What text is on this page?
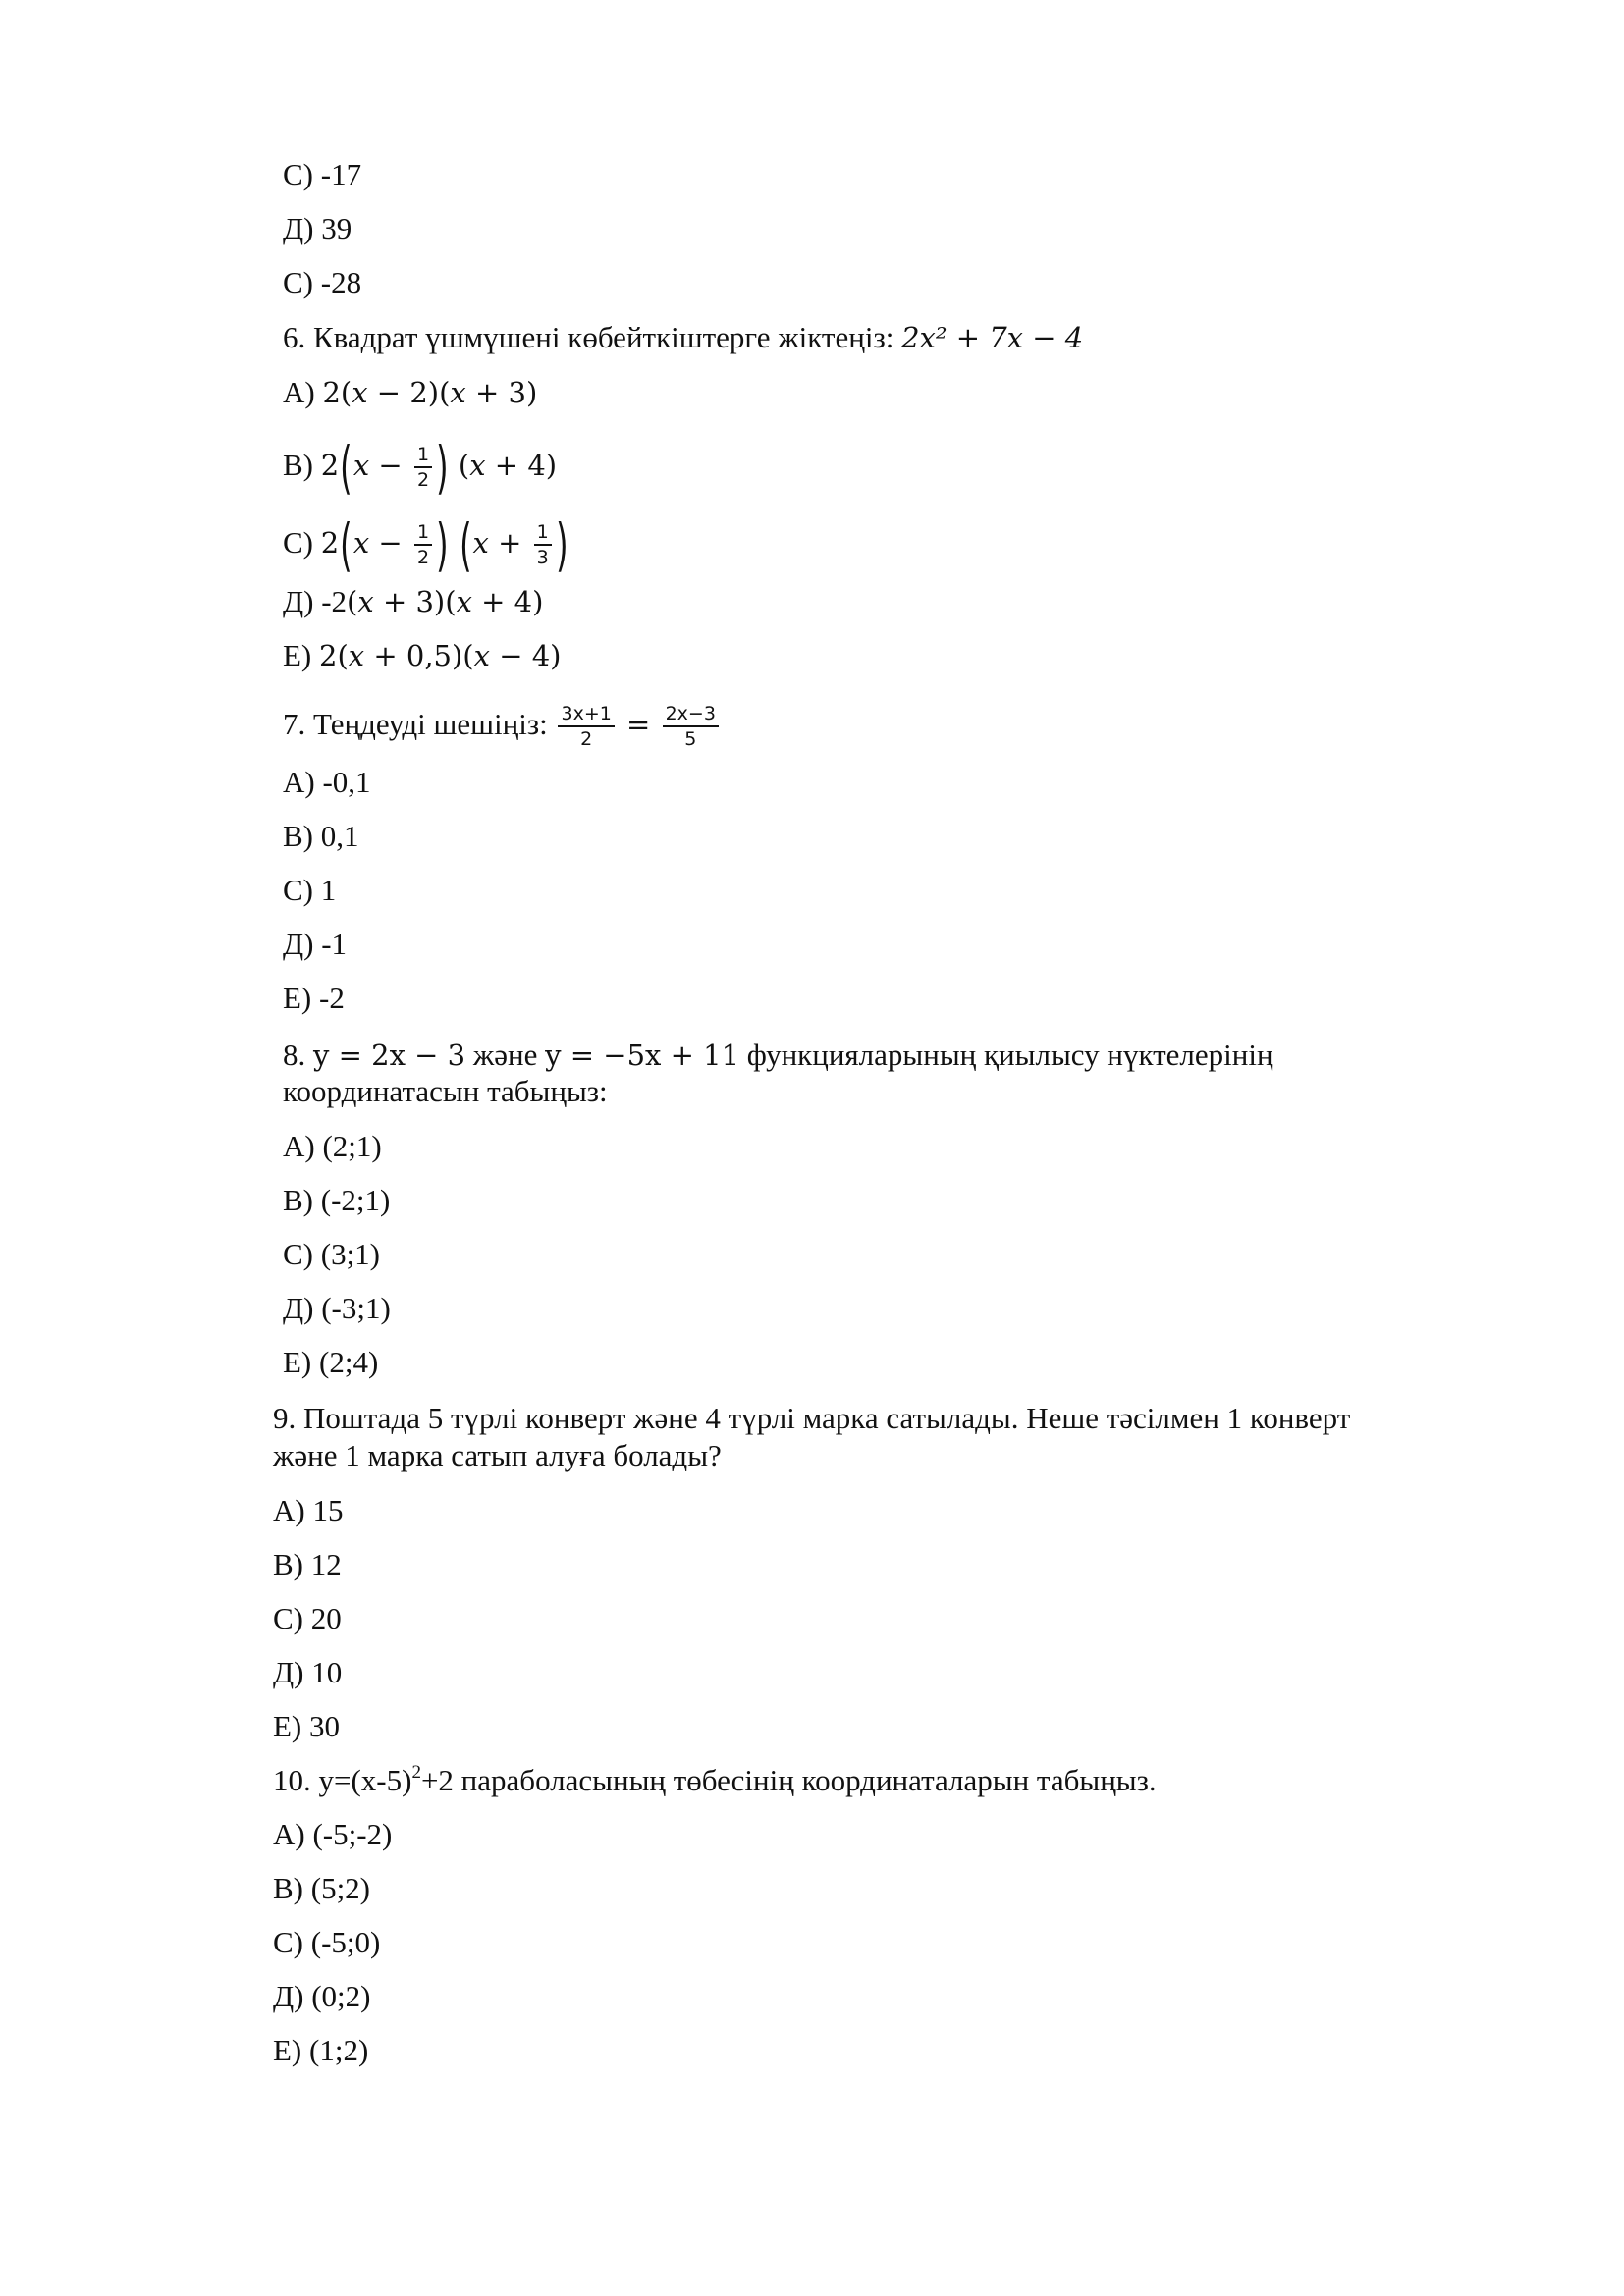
С) -17
Д) 39
С) -28
6. Квадрат үшмүшені көбейткіштерге жіктеңіз: 2x² + 7x − 4
А) 2(x − 2)(x + 3)
В) $2(x - \frac{1}{2}$ ) (x + 4)
С) $2(x - \frac{1}{2}$ ) ($x + \frac{1}{3}$ )
Д) -2(x + 3)(x + 4)
Е) 2(x + 0,5)(x − 4)
7. Теңдеуді шешіңіз: $\frac{3x+1}{2} = \frac{2x-3}{5}$
А) -0,1
В) 0,1
С) 1
Д) -1
Е) -2
8. y = 2x − 3 және y = −5x + 11 функцияларының қиылысу нүктелерінің
координатасын табыңыз:
А) (2;1)
В) (-2;1)
С) (3;1)
Д) (-3;1)
Е) (2;4)
9. Поштада 5 түрлі конверт және 4 түрлі марка сатылады. Неше тәсілмен 1 конверт
және 1 марка сатып алуға болады?
А) 15
В) 12
С) 20
Д) 10
Е) 30
10. $y=(x-5)^2+2$ параболасының төбесінің координаталарын табыңыз.
А) (-5;-2)
В) (5;2)
С) (-5;0)
Д) (0;2)
Е) (1;2)
